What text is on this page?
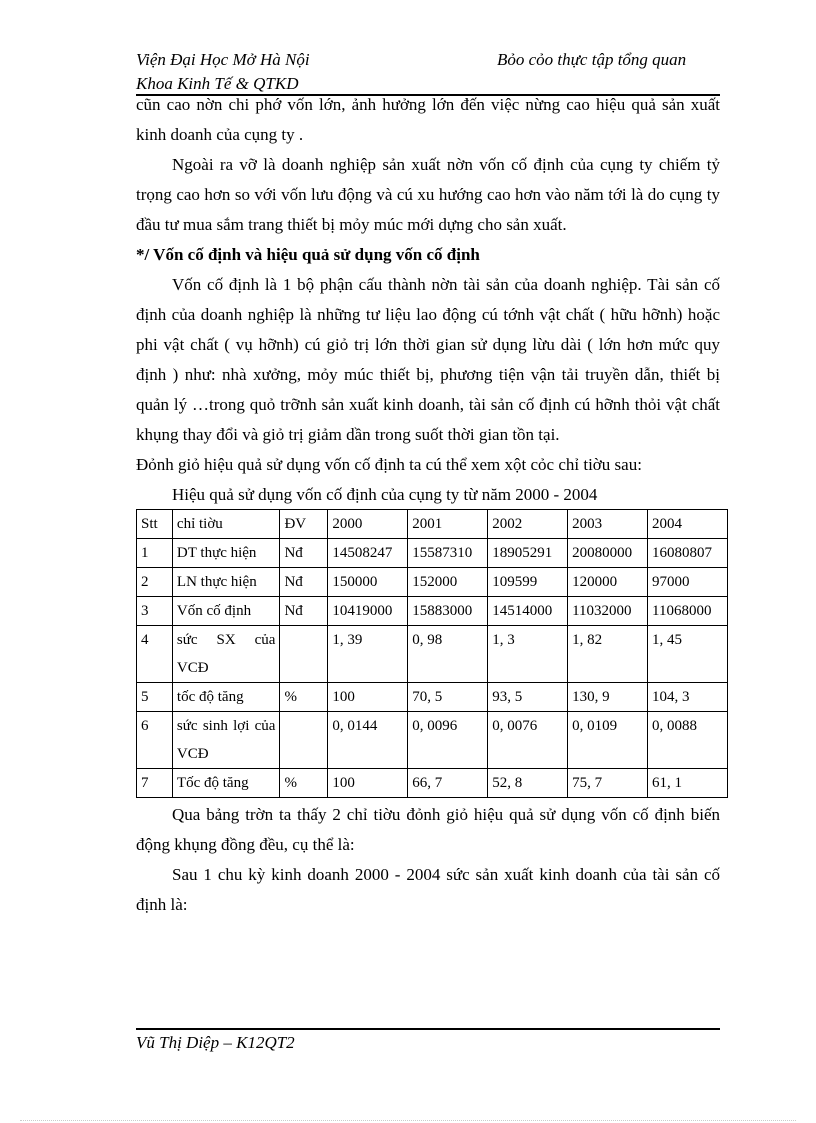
Viện Đại Học Mở Hà Nội
Khoa Kinh Tế & QTKD
Bỏo cỏo thực tập tổng quan

cũn cao nờn chi phớ vốn lớn, ảnh hưởng lớn đến việc nừng cao hiệu quả sản xuất kinh doanh của cụng ty .

Ngoài ra vỡ là doanh nghiệp sản xuất nờn vốn cố định của cụng ty chiếm tỷ trọng cao hơn so với vốn lưu động và cú xu hướng cao hơn vào năm tới là do cụng ty đầu tư mua sắm trang thiết bị mỏy múc mới dựng cho sản xuất.

*/ Vốn cố định và hiệu quả sử dụng vốn cố định

Vốn cố định là 1 bộ phận cấu thành nờn tài sản của doanh nghiệp. Tài sản cố định của doanh nghiệp là những tư liệu lao động cú tớnh vật chất ( hữu hỡnh) hoặc phi vật chất ( vụ hỡnh) cú giỏ trị lớn thời gian sử dụng lừu dài ( lớn hơn mức quy định ) như: nhà xưởng, mỏy múc thiết bị, phương tiện vận tải truyền dẫn, thiết bị quản lý …trong quỏ trỡnh sản xuất kinh doanh, tài sản cố định cú hỡnh thỏi vật chất khụng thay đổi và giỏ trị giảm dần trong suốt thời gian tồn tại.

Đỏnh giỏ hiệu quả sử dụng vốn cố định ta cú thể xem xột cỏc chỉ tiờu sau:

Hiệu quả sử dụng vốn cố định của cụng ty từ năm 2000 - 2004

Stt	chỉ tiờu	ĐV	2000	2001	2002	2003	2004
1	DT thực hiện	Nđ	14508247	15587310	18905291	20080000	16080807
2	LN thực hiện	Nđ	150000	152000	109599	120000	97000
3	Vốn cố định	Nđ	10419000	15883000	14514000	11032000	11068000
4	sức SX của VCĐ		1, 39	0, 98	1, 3	1, 82	1, 45
5	tốc độ tăng	%	100	70, 5	93, 5	130, 9	104, 3
6	sức sinh lợi của VCĐ		0, 0144	0, 0096	0, 0076	0, 0109	0, 0088
7	Tốc độ tăng	%	100	66, 7	52, 8	75, 7	61, 1

Qua bảng trờn ta thấy 2 chỉ tiờu đỏnh giỏ hiệu quả sử dụng vốn cố định biến động khụng đồng đều, cụ thể là:

Sau 1 chu kỳ kinh doanh 2000 - 2004 sức sản xuất kinh doanh của tài sản cố định là:

Vũ Thị Diệp – K12QT2
